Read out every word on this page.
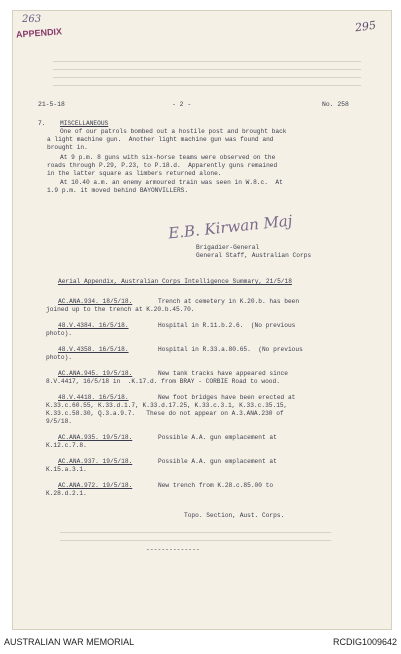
263
APPENDIX	295
21-5-18	- 2 -	No. 258
7. MISCELLANEOUS
One of our patrols bombed out a hostile post and brought back
a light machine gun.  Another light machine gun was found and
brought in.
At 9 p.m. 8 guns with six-horse teams were observed on the
roads through P.29, P.23, to P.18.d.  Apparently guns remained
in the latter square as limbers returned alone.
At 10.40 a.m. an enemy armoured train was seen in W.8.c.  At
1.9 p.m. it moved behind BAYONVILLERS.
E.B. Kirwan Maj
Brigadier-General
General Staff, Australian Corps
Aerial Appendix, Australian Corps Intelligence Summary, 21/5/18
AC.ANA.934. 18/5/18.	Trench at cemetery in K.20.b. has been
joined up to the trench at K.20.b.45.70.
48.V.4384. 16/5/18.	Hospital in R.11.b.2.6.  (No previous
photo).
48.V.4358. 16/5/18.	Hospital in R.33.a.80.65.  (No previous
photo).
AC.ANA.945. 19/5/18.	New tank tracks have appeared since
8.V.4417, 16/5/18 in  .K.17.d. from BRAY - CORBIE Road to wood.
48.V.4418. 16/5/18.	New foot bridges have been erected at
K.33.c.60.55, K.33.d.1.7, K.33.d.17.25, K.33.c.3.1, K.33.c.35.15,
K.33.c.58.30, Q.3.a.9.7.   These do not appear on A.3.ANA.230 of
9/5/18.
AC.ANA.935. 19/5/18.	Possible A.A. gun emplacement at
K.12.c.7.8.
AC.ANA.937. 19/5/18.	Possible A.A. gun emplacement at
K.15.a.3.1.
AC.ANA.972. 19/5/18.	New trench from K.28.c.85.00 to
K.28.d.2.1.
Topo. Section, Aust. Corps.
--------------
AUSTRALIAN WAR MEMORIAL	RCDIG1009642
